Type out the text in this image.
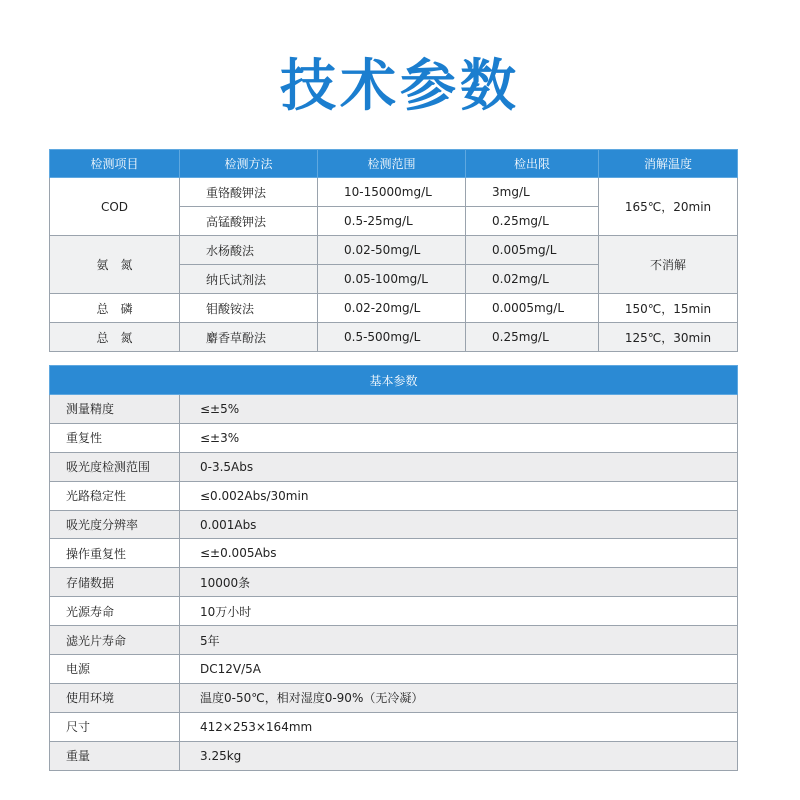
技术参数
检测项目	检测方法	检测范围	检出限	消解温度
COD	重铬酸钾法	10-15000mg/L	3mg/L	165℃，20min
	高锰酸钾法	0.5-25mg/L	0.25mg/L	
氨　氮	水杨酸法	0.02-50mg/L	0.005mg/L	不消解
	纳氏试剂法	0.05-100mg/L	0.02mg/L	
总　磷	钼酸铵法	0.02-20mg/L	0.0005mg/L	150℃，15min
总　氮	麝香草酚法	0.5-500mg/L	0.25mg/L	125℃，30min
基本参数	
测量精度	≤±5%
重复性	≤±3%
吸光度检测范围	0-3.5Abs
光路稳定性	≤0.002Abs/30min
吸光度分辨率	0.001Abs
操作重复性	≤±0.005Abs
存储数据	10000条
光源寿命	10万小时
滤光片寿命	5年
电源	DC12V/5A
使用环境	温度0-50℃，相对湿度0-90%（无冷凝）
尺寸	412×253×164mm
重量	3.25kg
